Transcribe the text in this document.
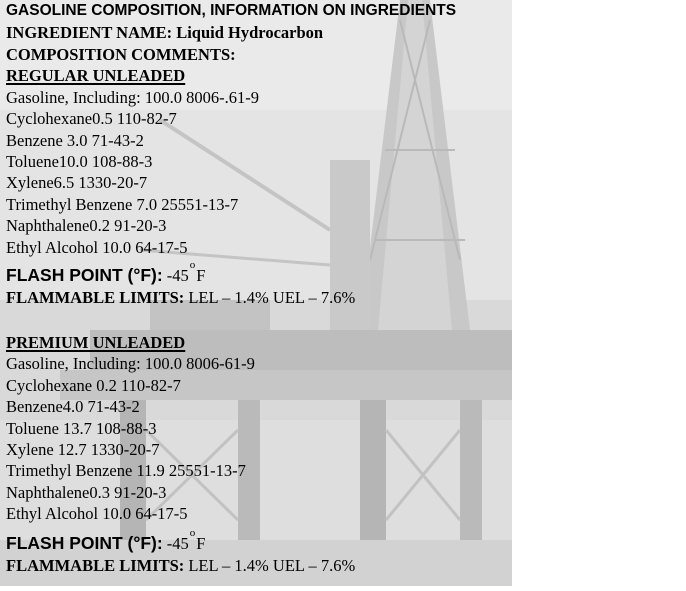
GASOLINE COMPOSITION, INFORMATION ON INGREDIENTS
INGREDIENT NAME: Liquid Hydrocarbon
COMPOSITION COMMENTS:
REGULAR UNLEADED
Gasoline, Including: 100.0 8006-.61-9
Cyclohexane0.5 110-82-7
Benzene 3.0 71-43-2
Toluene10.0 108-88-3
Xylene6.5 1330-20-7
Trimethyl Benzene 7.0 25551-13-7
Naphthalene0.2 91-20-3
Ethyl Alcohol 10.0 64-17-5
FLASH POINT (°F): -45$^o$F
FLAMMABLE LIMITS: LEL – 1.4% UEL – 7.6%
PREMIUM UNLEADED
Gasoline, Including: 100.0 8006-61-9
Cyclohexane 0.2 110-82-7
Benzene4.0 71-43-2
Toluene 13.7 108-88-3
Xylene 12.7 1330-20-7
Trimethyl Benzene 11.9 25551-13-7
Naphthalene0.3 91-20-3
Ethyl Alcohol 10.0 64-17-5
FLASH POINT (°F): -45$^o$F
FLAMMABLE LIMITS: LEL – 1.4% UEL – 7.6%
